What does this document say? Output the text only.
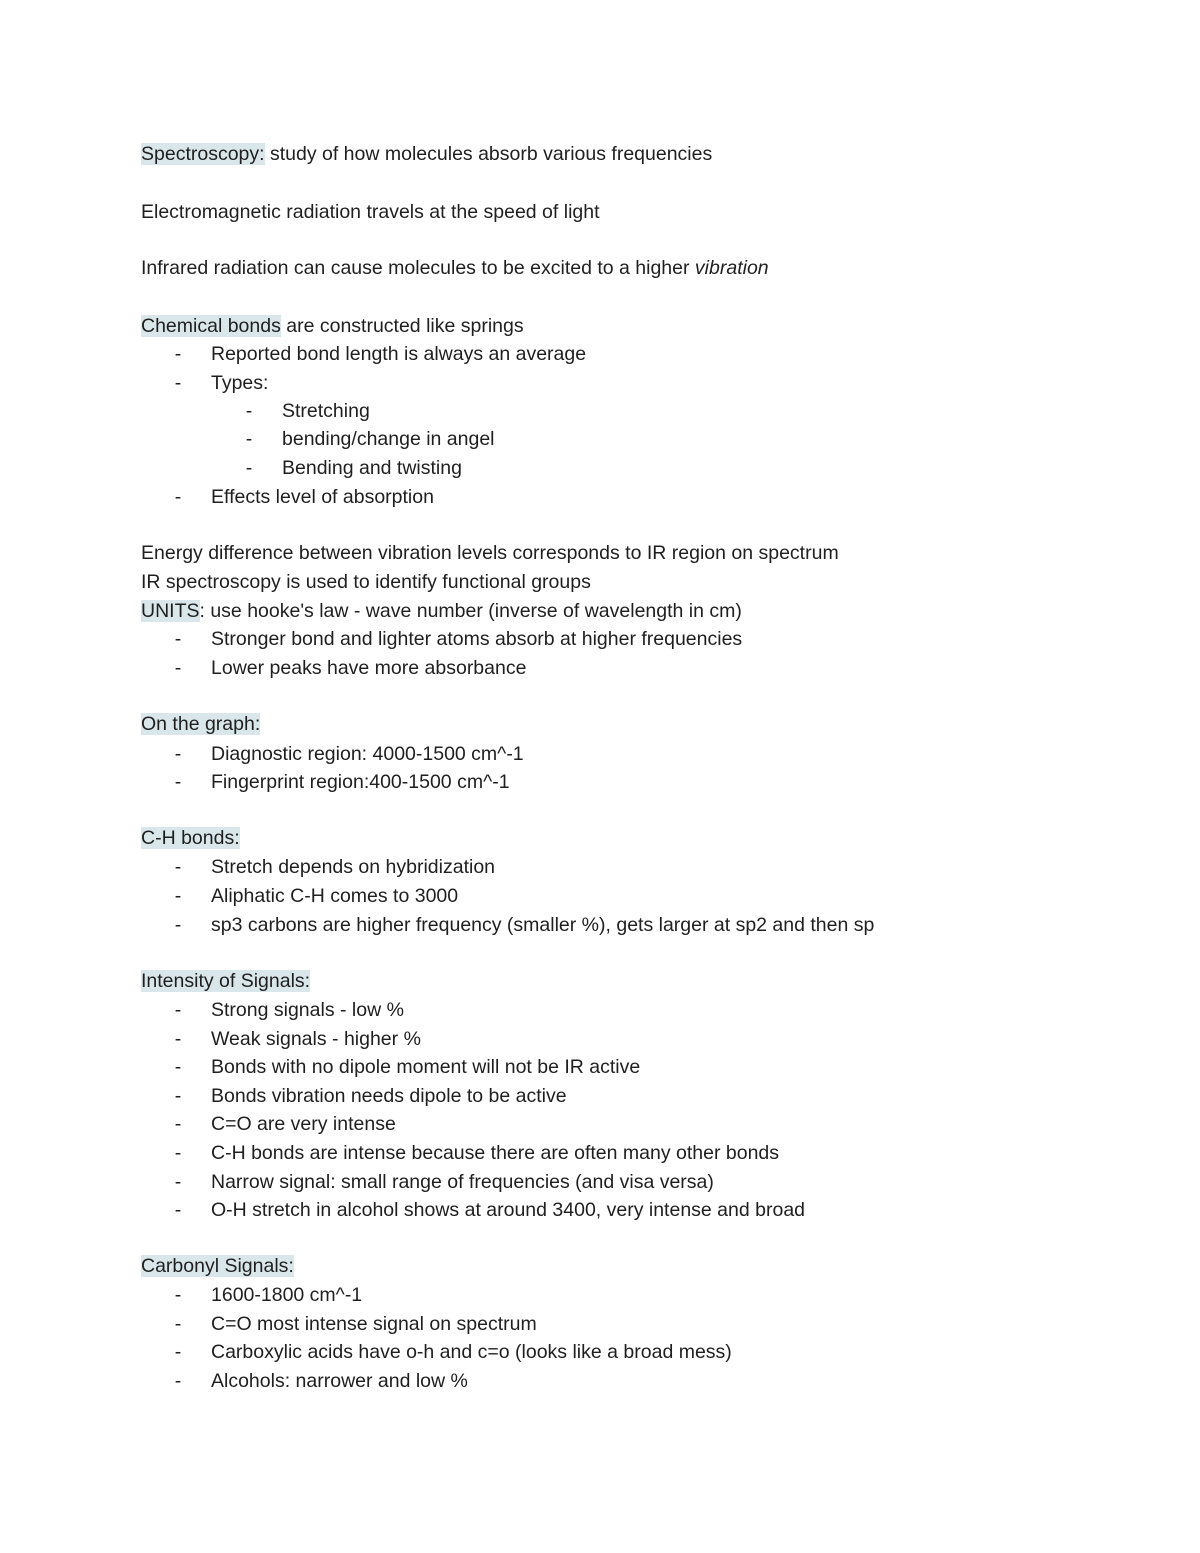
Spectroscopy: study of how molecules absorb various frequencies
Electromagnetic radiation travels at the speed of light
Infrared radiation can cause molecules to be excited to a higher vibration
Chemical bonds are constructed like springs
- Reported bond length is always an average
- Types:
- Stretching
- bending/change in angel
- Bending and twisting
- Effects level of absorption
Energy difference between vibration levels corresponds to IR region on spectrum
IR spectroscopy is used to identify functional groups
UNITS: use hooke's law - wave number (inverse of wavelength in cm)
- Stronger bond and lighter atoms absorb at higher frequencies
- Lower peaks have more absorbance
On the graph:
- Diagnostic region: 4000-1500 cm^-1
- Fingerprint region:400-1500 cm^-1
C-H bonds:
- Stretch depends on hybridization
- Aliphatic C-H comes to 3000
- sp3 carbons are higher frequency (smaller %), gets larger at sp2 and then sp
Intensity of Signals:
- Strong signals - low %
- Weak signals - higher %
- Bonds with no dipole moment will not be IR active
- Bonds vibration needs dipole to be active
- C=O are very intense
- C-H bonds are intense because there are often many other bonds
- Narrow signal: small range of frequencies (and visa versa)
- O-H stretch in alcohol shows at around 3400, very intense and broad
Carbonyl Signals:
- 1600-1800 cm^-1
- C=O most intense signal on spectrum
- Carboxylic acids have o-h and c=o (looks like a broad mess)
- Alcohols: narrower and low %
